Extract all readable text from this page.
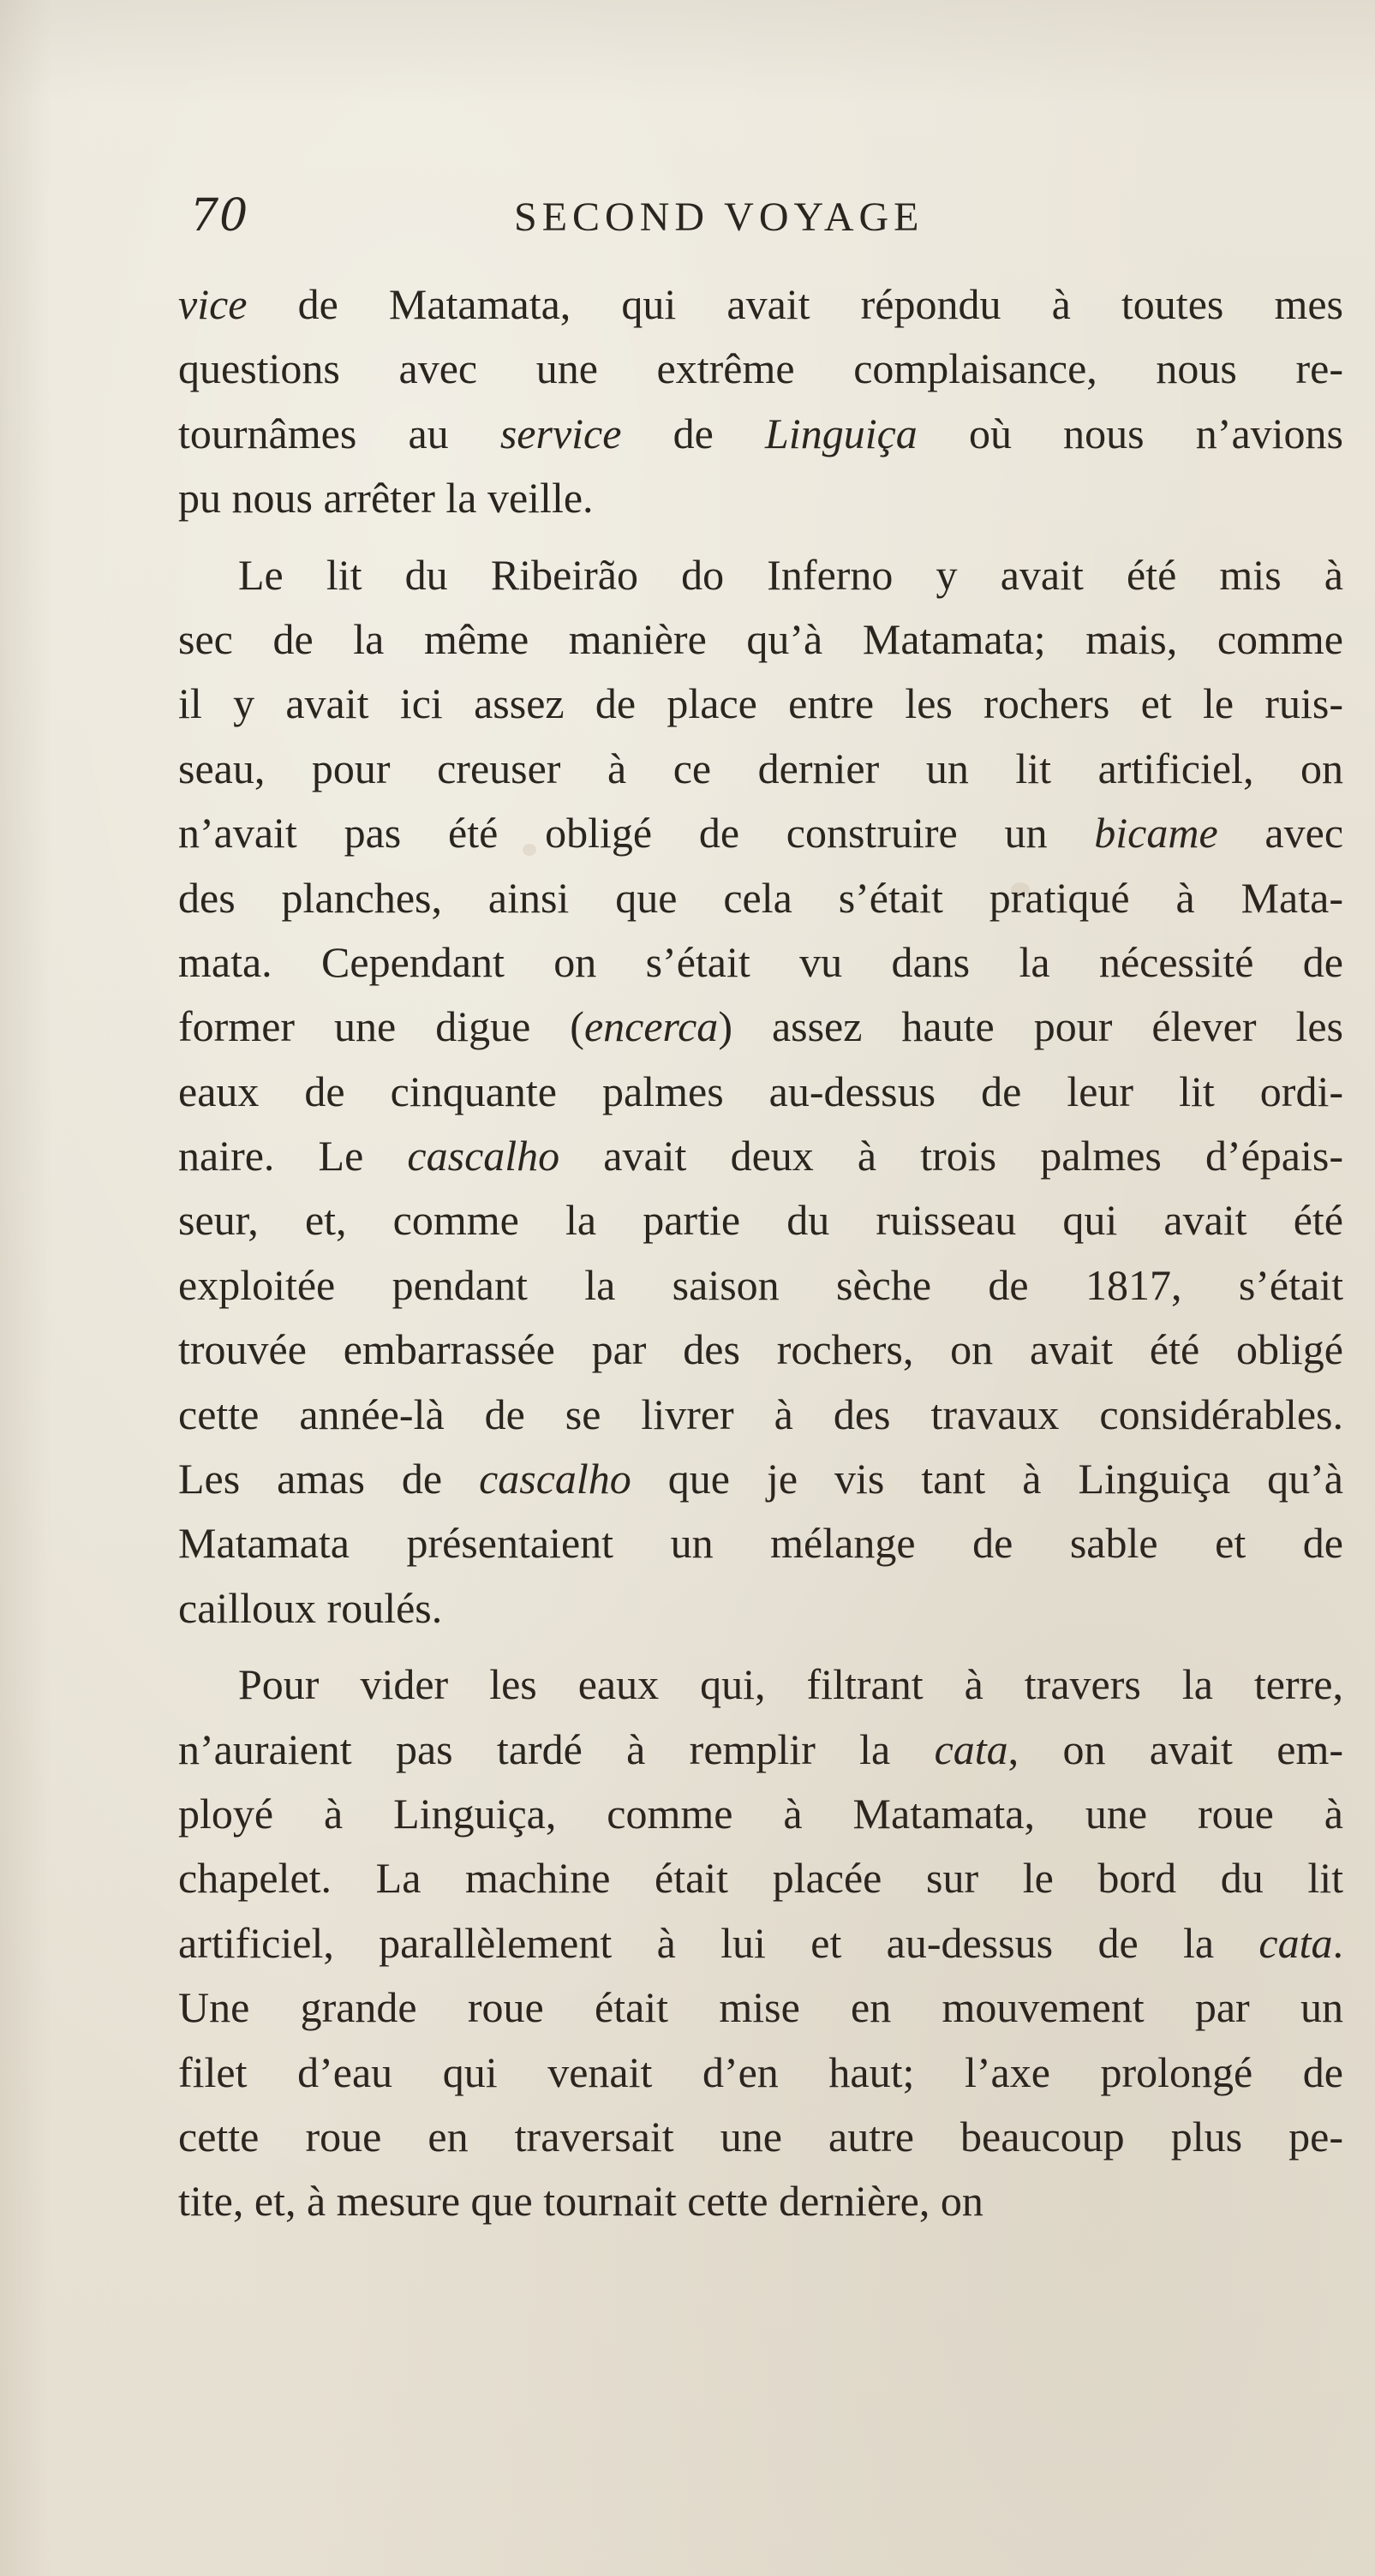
70	SECOND VOYAGE
vice de Matamata, qui avait répondu à toutes mes
questions avec une extrême complaisance, nous re-
tournâmes au service de Linguiça où nous n’avions
pu nous arrêter la veille.
Le lit du Ribeirão do Inferno y avait été mis à
sec de la même manière qu’à Matamata; mais, comme
il y avait ici assez de place entre les rochers et le ruis-
seau, pour creuser à ce dernier un lit artificiel, on
n’avait pas été obligé de construire un bicame avec
des planches, ainsi que cela s’était pratiqué à Mata-
mata. Cependant on s’était vu dans la nécessité de
former une digue (encerca) assez haute pour élever les
eaux de cinquante palmes au-dessus de leur lit ordi-
naire. Le cascalho avait deux à trois palmes d’épais-
seur, et, comme la partie du ruisseau qui avait été
exploitée pendant la saison sèche de 1817, s’était
trouvée embarrassée par des rochers, on avait été obligé
cette année-là de se livrer à des travaux considérables.
Les amas de cascalho que je vis tant à Linguiça qu’à
Matamata présentaient un mélange de sable et de
cailloux roulés.
Pour vider les eaux qui, filtrant à travers la terre,
n’auraient pas tardé à remplir la cata, on avait em-
ployé à Linguiça, comme à Matamata, une roue à
chapelet. La machine était placée sur le bord du lit
artificiel, parallèlement à lui et au-dessus de la cata.
Une grande roue était mise en mouvement par un
filet d’eau qui venait d’en haut; l’axe prolongé de
cette roue en traversait une autre beaucoup plus pe-
tite, et, à mesure que tournait cette dernière, on
